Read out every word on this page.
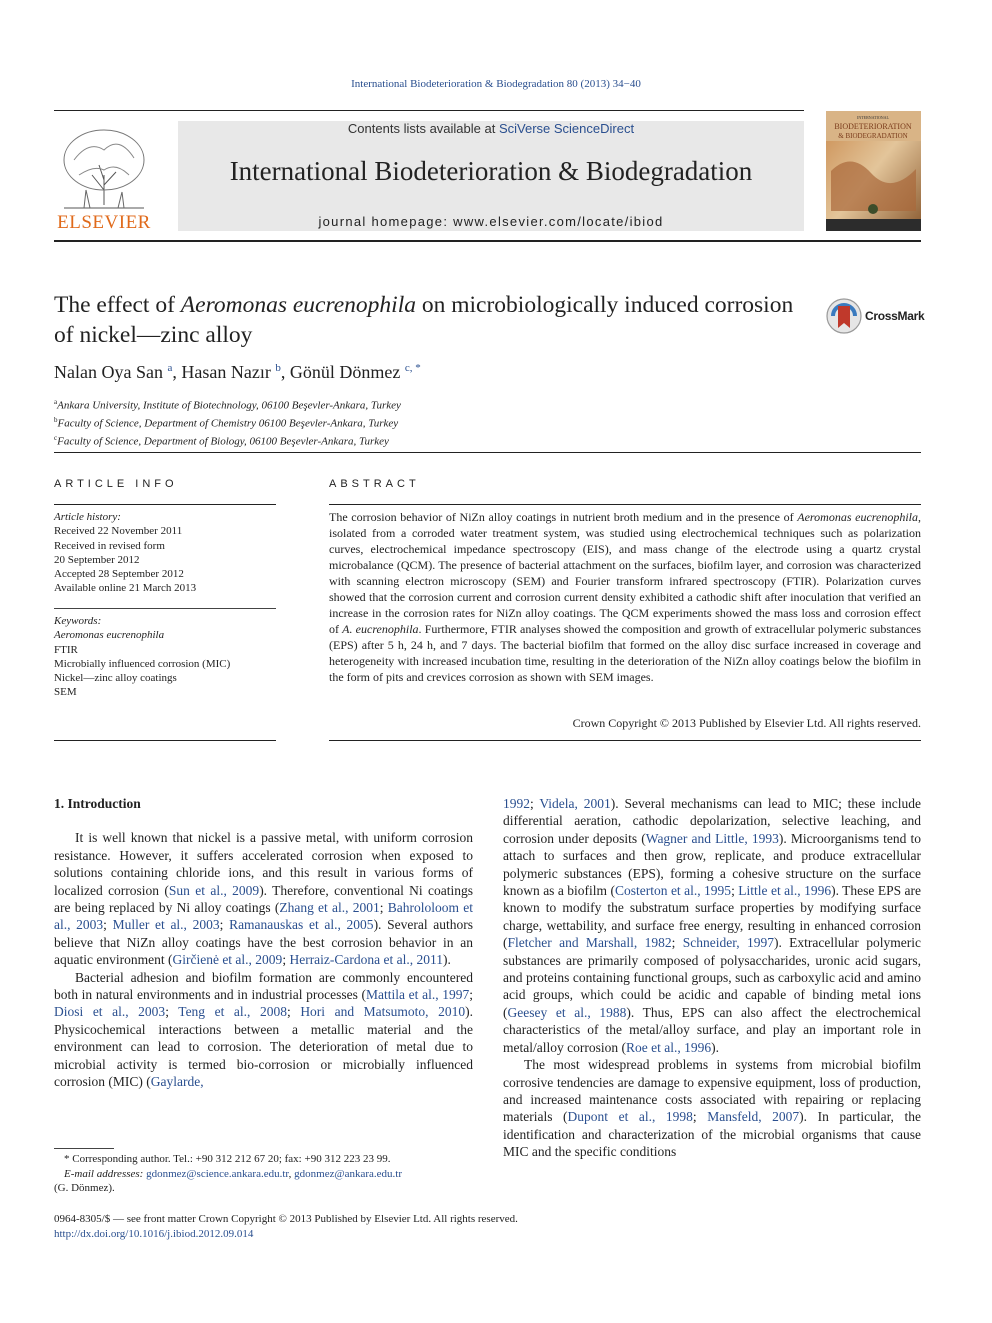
International Biodeterioration & Biodegradation 80 (2013) 34−40
ELSEVIER
Contents lists available at SciVerse ScienceDirect
International Biodeterioration & Biodegradation
journal homepage: www.elsevier.com/locate/ibiod
INTERNATIONAL
BIODETERIORATION
& BIODEGRADATION
The effect of Aeromonas eucrenophila on microbiologically induced corrosion of nickel—zinc alloy
CrossMark
Nalan Oya San $^a$, Hasan Nazır $^b$, Gönül Dönmez $^{c, *}$
$^a$Ankara University, Institute of Biotechnology, 06100 Beşevler-Ankara, Turkey
$^b$Faculty of Science, Department of Chemistry 06100 Beşevler-Ankara, Turkey
$^c$Faculty of Science, Department of Biology, 06100 Beşevler-Ankara, Turkey
ARTICLE INFO	ABSTRACT
Article history:
Received 22 November 2011
Received in revised form
20 September 2012
Accepted 28 September 2012
Available online 21 March 2013
Keywords:
Aeromonas eucrenophila
FTIR
Microbially influenced corrosion (MIC)
Nickel—zinc alloy coatings
SEM
The corrosion behavior of NiZn alloy coatings in nutrient broth medium and in the presence of Aeromonas eucrenophila, isolated from a corroded water treatment system, was studied using electrochemical techniques such as polarization curves, electrochemical impedance spectroscopy (EIS), and mass change of the electrode using a quartz crystal microbalance (QCM). The presence of bacterial attachment on the surfaces, biofilm layer, and corrosion was characterized with scanning electron microscopy (SEM) and Fourier transform infrared spectroscopy (FTIR). Polarization curves showed that the corrosion current and corrosion current density exhibited a cathodic shift after inoculation that verified an increase in the corrosion rates for NiZn alloy coatings. The QCM experiments showed the mass loss and corrosion effect of A. eucrenophila. Furthermore, FTIR analyses showed the composition and growth of extracellular polymeric substances (EPS) after 5 h, 24 h, and 7 days. The bacterial biofilm that formed on the alloy disc surface increased in coverage and heterogeneity with increased incubation time, resulting in the deterioration of the NiZn alloy coatings below the biofilm in the form of pits and crevices corrosion as shown with SEM images.
Crown Copyright © 2013 Published by Elsevier Ltd. All rights reserved.
1. Introduction

It is well known that nickel is a passive metal, with uniform corrosion resistance. However, it suffers accelerated corrosion when exposed to solutions containing chloride ions, and this result in various forms of localized corrosion (Sun et al., 2009). Therefore, conventional Ni coatings are being replaced by Ni alloy coatings (Zhang et al., 2001; Bahrololoom et al., 2003; Muller et al., 2003; Ramanauskas et al., 2005). Several authors believe that NiZn alloy coatings have the best corrosion behavior in an aquatic environment (Girčienė et al., 2009; Herraiz-Cardona et al., 2011).

Bacterial adhesion and biofilm formation are commonly encountered both in natural environments and in industrial processes (Mattila et al., 1997; Diosi et al., 2003; Teng et al., 2008; Hori and Matsumoto, 2010). Physicochemical interactions between a metallic material and the environment can lead to corrosion. The deterioration of metal due to microbial activity is termed bio-corrosion or microbially influenced corrosion (MIC) (Gaylarde,

1992; Videla, 2001). Several mechanisms can lead to MIC; these include differential aeration, cathodic depolarization, selective leaching, and corrosion under deposits (Wagner and Little, 1993). Microorganisms tend to attach to surfaces and then grow, replicate, and produce extracellular polymeric substances (EPS), forming a cohesive structure on the surface known as a biofilm (Costerton et al., 1995; Little et al., 1996). These EPS are known to modify the substratum surface properties by modifying surface charge, wettability, and surface free energy, resulting in enhanced corrosion (Fletcher and Marshall, 1982; Schneider, 1997). Extracellular polymeric substances are primarily composed of polysaccharides, uronic acid sugars, and proteins containing functional groups, such as carboxylic acid and amino acid groups, which could be acidic and capable of binding metal ions (Geesey et al., 1988). Thus, EPS can also affect the electrochemical characteristics of the metal/alloy surface, and play an important role in metal/alloy corrosion (Roe et al., 1996).

The most widespread problems in systems from microbial biofilm corrosive tendencies are damage to expensive equipment, loss of production, and increased maintenance costs associated with repairing or replacing materials (Dupont et al., 1998; Mansfeld, 2007). In particular, the identification and characterization of the microbial organisms that cause MIC and the specific conditions

* Corresponding author. Tel.: +90 312 212 67 20; fax: +90 312 223 23 99.
E-mail addresses: gdonmez@science.ankara.edu.tr, gdonmez@ankara.edu.tr
(G. Dönmez).
0964-8305/$ — see front matter Crown Copyright © 2013 Published by Elsevier Ltd. All rights reserved.
http://dx.doi.org/10.1016/j.ibiod.2012.09.014
